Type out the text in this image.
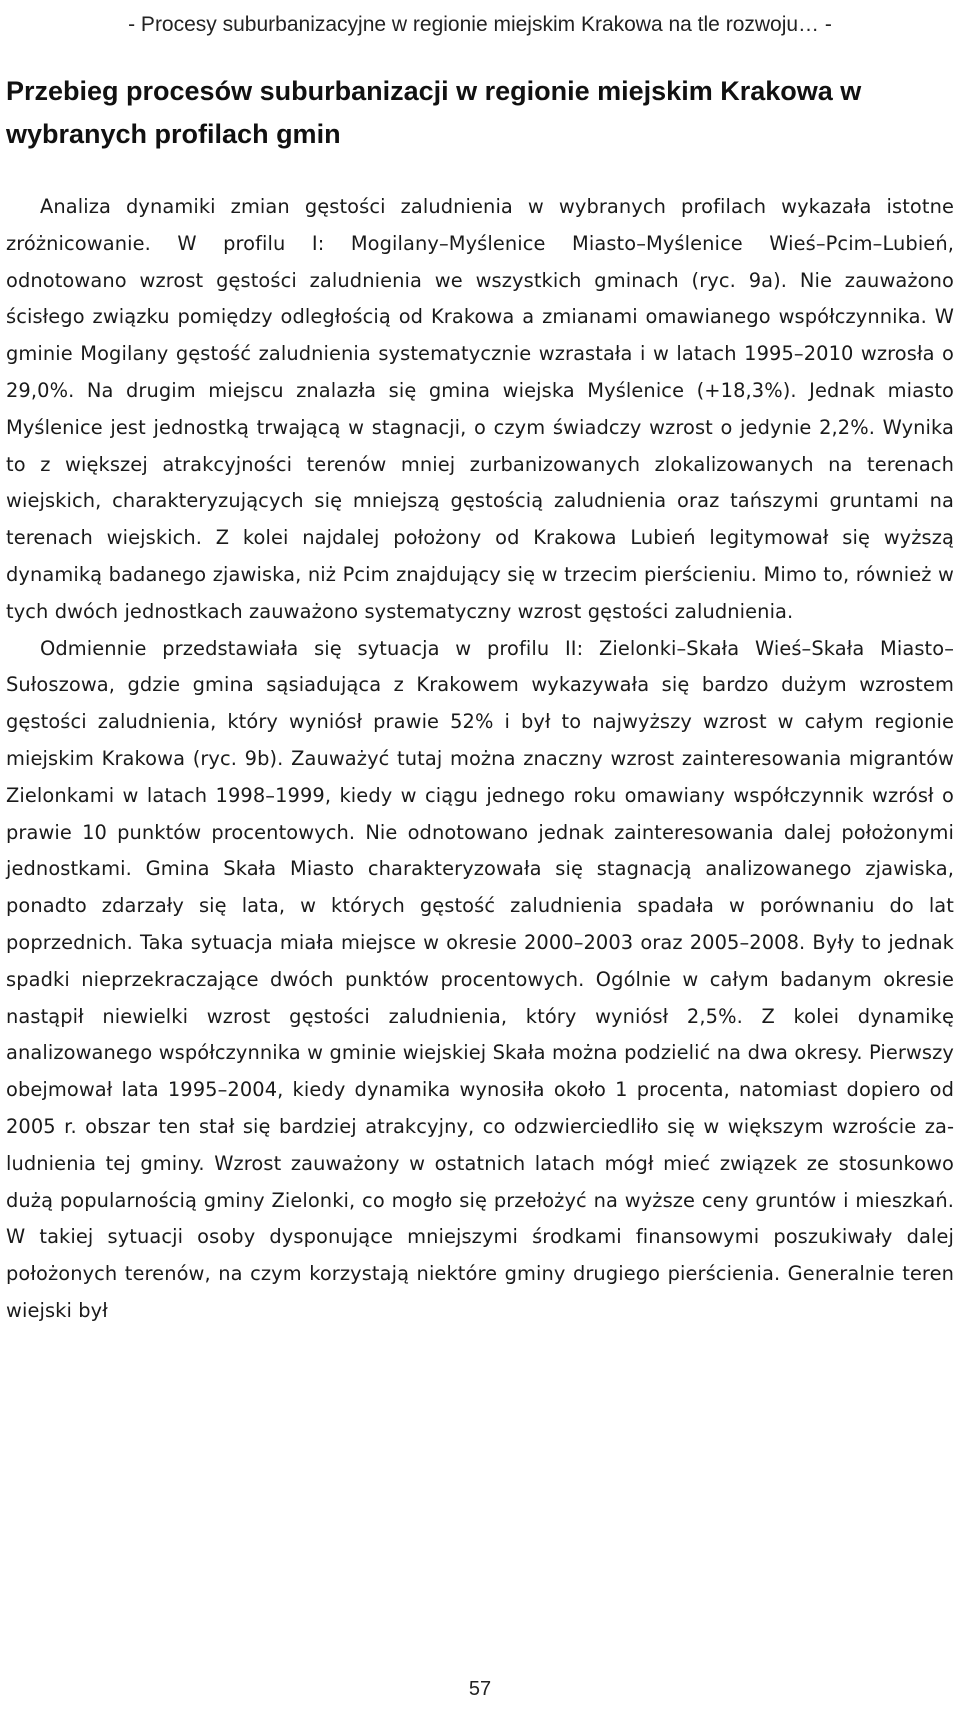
- Procesy suburbanizacyjne w regionie miejskim Krakowa na tle rozwoju… -
Przebieg procesów suburbanizacji w regionie miejskim Krakowa w wybranych profilach gmin

Analiza dynamiki zmian gęstości zaludnienia w wybranych profilach wykazała istotne zróżnicowanie. W profilu I: Mogilany–Myślenice Miasto–Myślenice Wieś–Pcim–Lubień, odnotowano wzrost gęstości zaludnienia we wszystkich gminach (ryc. 9a). Nie zauważono ścisłego związku pomiędzy odległością od Krakowa a zmianami omawianego współczynnika. W gminie Mogilany gęstość zaludnienia systematycznie wzrastała i w latach 1995–2010 wzrosła o 29,0%. Na drugim miejscu znalazła się gmina wiejska Myślenice (+18,3%). Jednak miasto Myślenice jest jednostką trwającą w stagnacji, o czym świadczy wzrost o jedynie 2,2%. Wynika to z większej atrakcyjności terenów mniej zurbanizowanych zlokalizowanych na terenach wiejskich, charakteryzujących się mniejszą gęstością zaludnienia oraz tańszymi gruntami na terenach wiejskich. Z kolei najdalej położony od Krakowa Lubień legitymował się wyższą dynamiką badanego zjawiska, niż Pcim znajdujący się w trzecim pierścieniu. Mimo to, również w tych dwóch jednostkach zauważono systematyczny wzrost gęstości zaludnienia.

Odmiennie przedstawiała się sytuacja w profilu II: Zielonki–Skała Wieś–Skała Miasto–Sułoszowa, gdzie gmina sąsiadująca z Krakowem wykazywała się bardzo dużym wzrostem gęstości zaludnienia, który wyniósł prawie 52% i był to najwyższy wzrost w całym regionie miejskim Krakowa (ryc. 9b). Zauważyć tutaj można znaczny wzrost zainteresowania migrantów Zielonkami w latach 1998–1999, kiedy w ciągu jednego roku omawiany współczynnik wzrósł o prawie 10 punktów procentowych. Nie odnotowano jednak zainteresowania dalej położonymi jednostkami. Gmina Skała Miasto charakteryzowała się stagnacją analizowanego zjawiska, ponadto zdarzały się lata, w których gęstość zaludnienia spadała w porównaniu do lat poprzednich. Taka sytuacja miała miejsce w okresie 2000–2003 oraz 2005–2008. Były to jednak spadki nieprzekraczające dwóch punktów procentowych. Ogólnie w całym badanym okresie nastąpił niewielki wzrost gęstości zaludnienia, który wyniósł 2,5%. Z kolei dynamikę analizowanego współczynnika w gminie wiejskiej Skała można podzielić na dwa okresy. Pierwszy obejmował lata 1995–2004, kiedy dynamika wynosiła około 1 procenta, natomiast dopiero od 2005 r. obszar ten stał się bardziej atrakcyjny, co odzwierciedliło się w większym wzroście zaludnienia tej gminy. Wzrost zauważony w ostatnich latach mógł mieć związek ze stosunkowo dużą popularnością gminy Zielonki, co mogło się przełożyć na wyższe ceny gruntów i mieszkań. W takiej sytuacji osoby dysponujące mniejszymi środkami finansowymi poszukiwały dalej położonych terenów, na czym korzystają niektóre gminy drugiego pierścienia. Generalnie teren wiejski był

57
